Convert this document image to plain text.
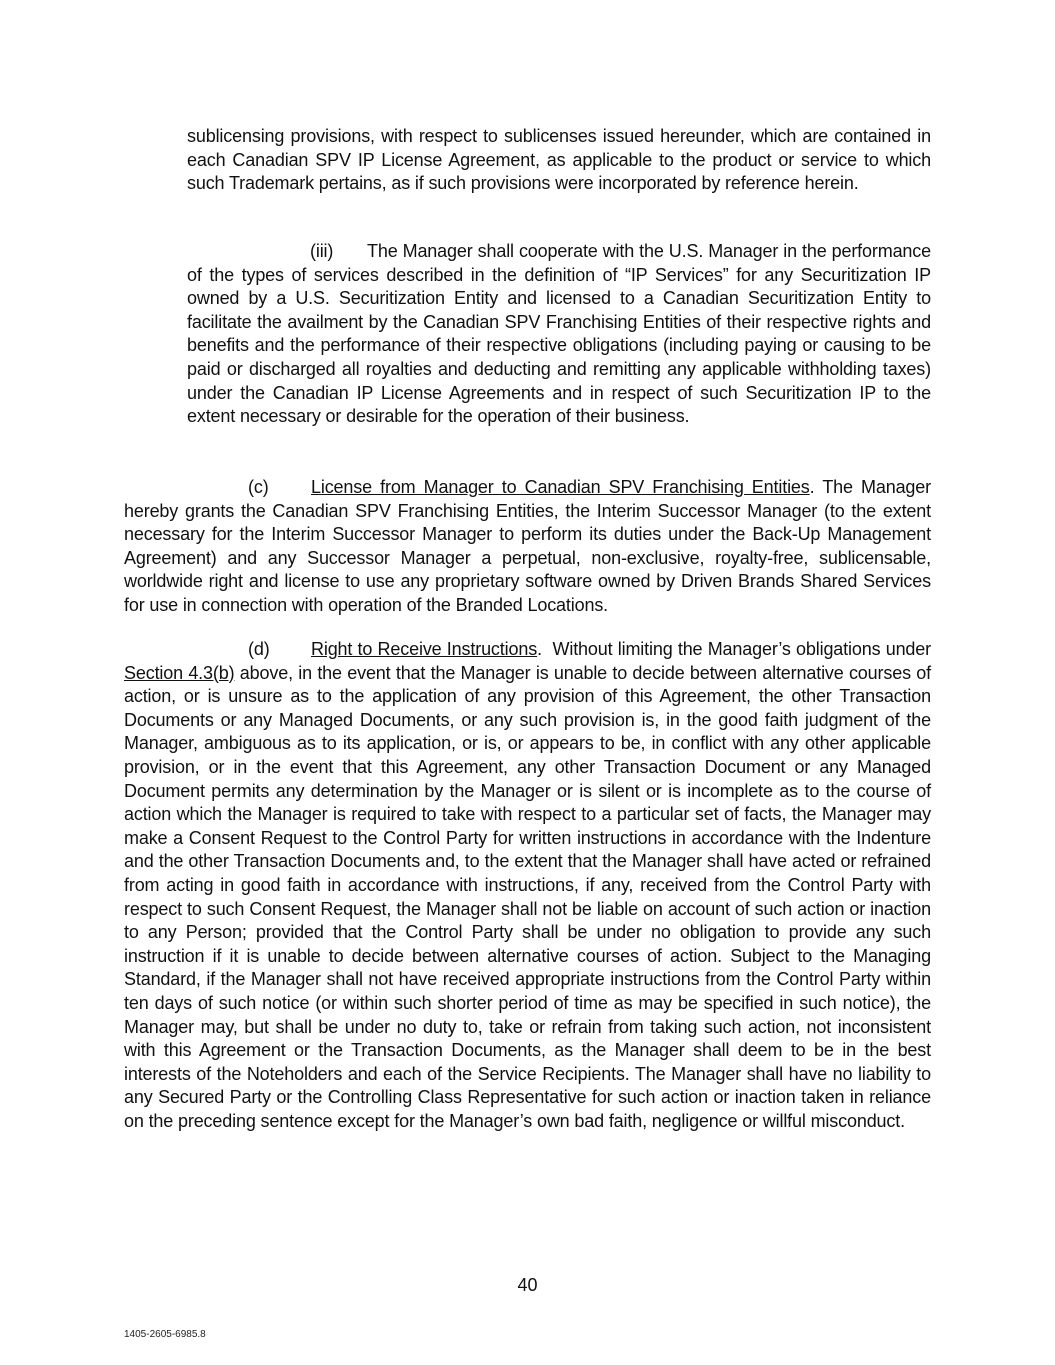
sublicensing provisions, with respect to sublicenses issued hereunder, which are contained in each Canadian SPV IP License Agreement, as applicable to the product or service to which such Trademark pertains, as if such provisions were incorporated by reference herein.

(iii) The Manager shall cooperate with the U.S. Manager in the performance of the types of services described in the definition of “IP Services” for any Securitization IP owned by a U.S. Securitization Entity and licensed to a Canadian Securitization Entity to facilitate the availment by the Canadian SPV Franchising Entities of their respective rights and benefits and the performance of their respective obligations (including paying or causing to be paid or discharged all royalties and deducting and remitting any applicable withholding taxes) under the Canadian IP License Agreements and in respect of such Securitization IP to the extent necessary or desirable for the operation of their business.

(c) License from Manager to Canadian SPV Franchising Entities. The Manager hereby grants the Canadian SPV Franchising Entities, the Interim Successor Manager (to the extent necessary for the Interim Successor Manager to perform its duties under the Back-Up Management Agreement) and any Successor Manager a perpetual, non-exclusive, royalty-free, sublicensable, worldwide right and license to use any proprietary software owned by Driven Brands Shared Services for use in connection with operation of the Branded Locations.

(d) Right to Receive Instructions. Without limiting the Manager’s obligations under Section 4.3(b) above, in the event that the Manager is unable to decide between alternative courses of action, or is unsure as to the application of any provision of this Agreement, the other Transaction Documents or any Managed Documents, or any such provision is, in the good faith judgment of the Manager, ambiguous as to its application, or is, or appears to be, in conflict with any other applicable provision, or in the event that this Agreement, any other Transaction Document or any Managed Document permits any determination by the Manager or is silent or is incomplete as to the course of action which the Manager is required to take with respect to a particular set of facts, the Manager may make a Consent Request to the Control Party for written instructions in accordance with the Indenture and the other Transaction Documents and, to the extent that the Manager shall have acted or refrained from acting in good faith in accordance with instructions, if any, received from the Control Party with respect to such Consent Request, the Manager shall not be liable on account of such action or inaction to any Person; provided that the Control Party shall be under no obligation to provide any such instruction if it is unable to decide between alternative courses of action. Subject to the Managing Standard, if the Manager shall not have received appropriate instructions from the Control Party within ten days of such notice (or within such shorter period of time as may be specified in such notice), the Manager may, but shall be under no duty to, take or refrain from taking such action, not inconsistent with this Agreement or the Transaction Documents, as the Manager shall deem to be in the best interests of the Noteholders and each of the Service Recipients. The Manager shall have no liability to any Secured Party or the Controlling Class Representative for such action or inaction taken in reliance on the preceding sentence except for the Manager’s own bad faith, negligence or willful misconduct.

40
1405-2605-6985.8
